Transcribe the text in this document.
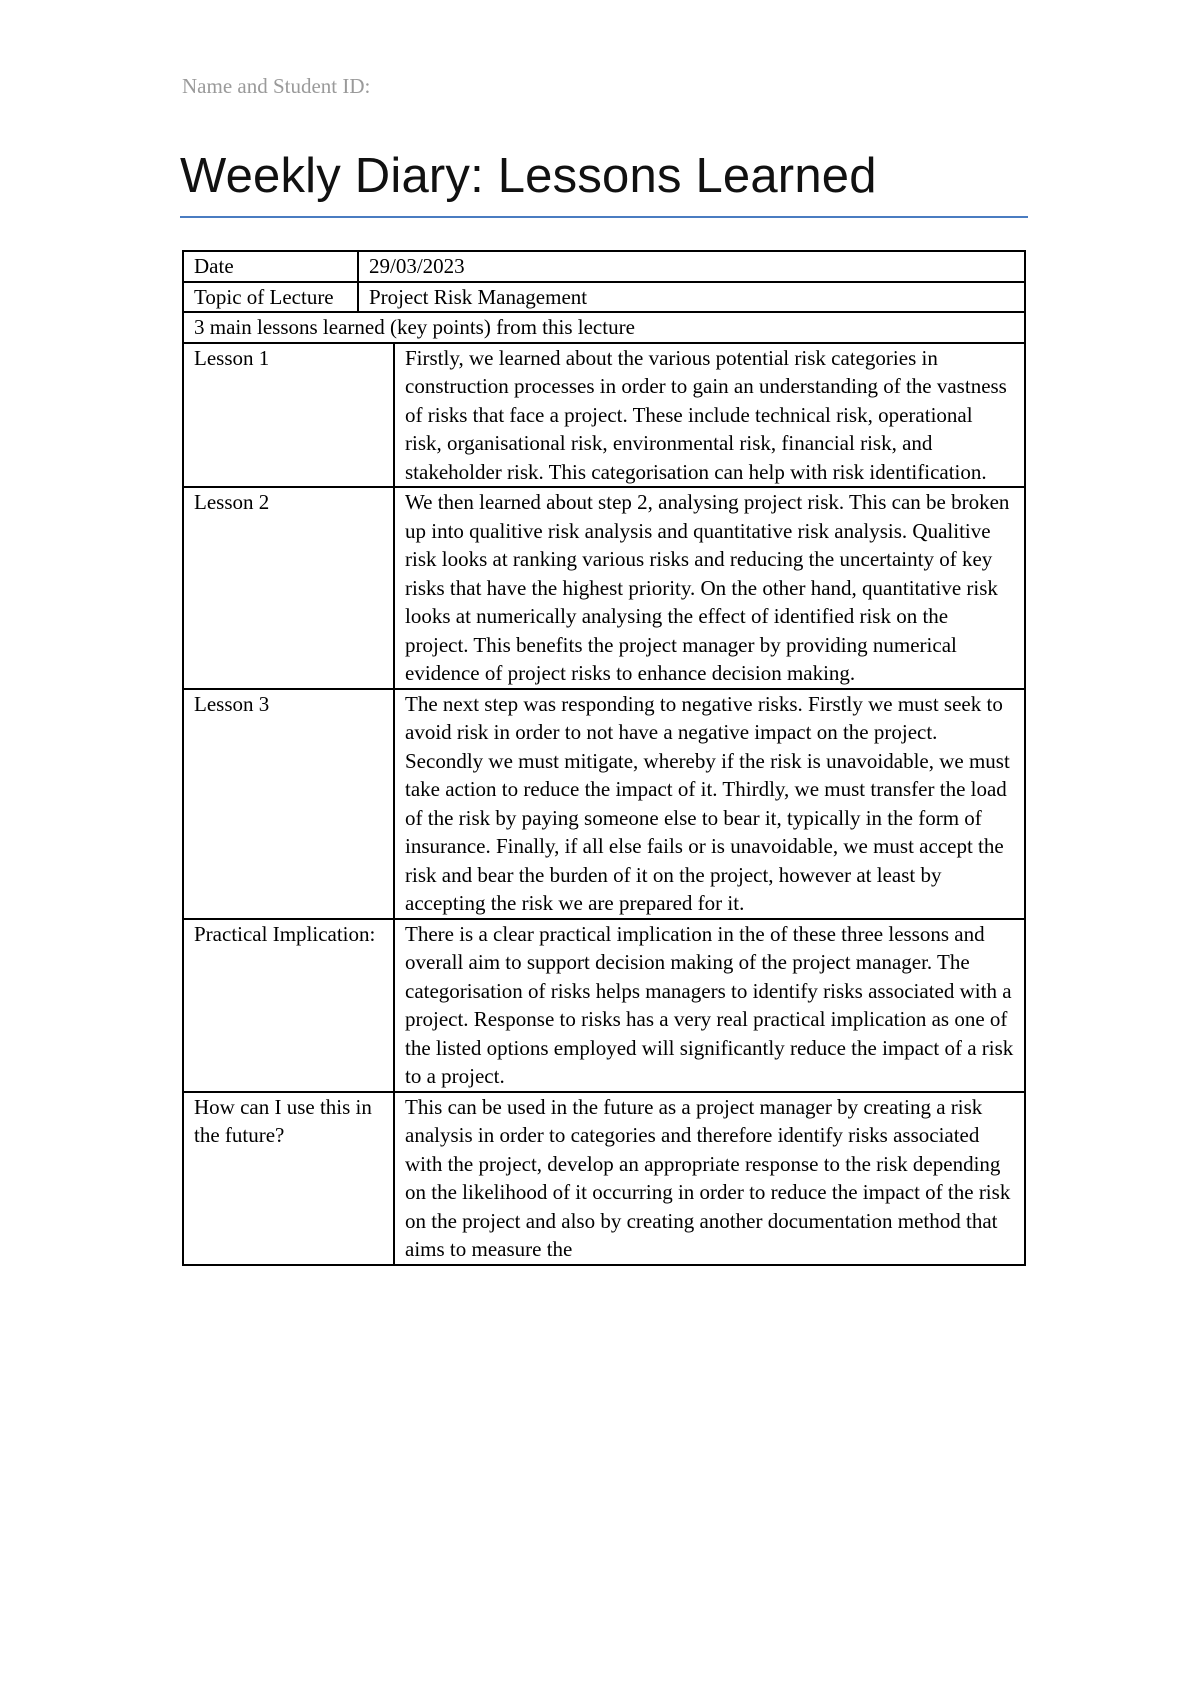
Name and Student ID:
Weekly Diary: Lessons Learned
Date	29/03/2023	
Topic of Lecture	Project Risk Management	
3 main lessons learned (key points) from this lecture		
Lesson 1		Firstly, we learned about the various potential risk categories in construction processes in order to gain an understanding of the vastness of risks that face a project. These include technical risk, operational risk, organisational risk, environmental risk, financial risk, and stakeholder risk. This categorisation can help with risk identification.
Lesson 2		We then learned about step 2, analysing project risk. This can be broken up into qualitive risk analysis and quantitative risk analysis. Qualitive risk looks at ranking various risks and reducing the uncertainty of key risks that have the highest priority. On the other hand, quantitative risk looks at numerically analysing the effect of identified risk on the project. This benefits the project manager by providing numerical evidence of project risks to enhance decision making.
Lesson 3		The next step was responding to negative risks. Firstly we must seek to avoid risk in order to not have a negative impact on the project. Secondly we must mitigate, whereby if the risk is unavoidable, we must take action to reduce the impact of it. Thirdly, we must transfer the load of the risk by paying someone else to bear it, typically in the form of insurance. Finally, if all else fails or is unavoidable, we must accept the risk and bear the burden of it on the project, however at least by accepting the risk we are prepared for it.
Practical Implication:		There is a clear practical implication in the of these three lessons and overall aim to support decision making of the project manager. The categorisation of risks helps managers to identify risks associated with a project. Response to risks has a very real practical implication as one of the listed options employed will significantly reduce the impact of a risk to a project.
How can I use this in the future?		This can be used in the future as a project manager by creating a risk analysis in order to categories and therefore identify risks associated with the project, develop an appropriate response to the risk depending on the likelihood of it occurring in order to reduce the impact of the risk on the project and also by creating another documentation method that aims to measure the
